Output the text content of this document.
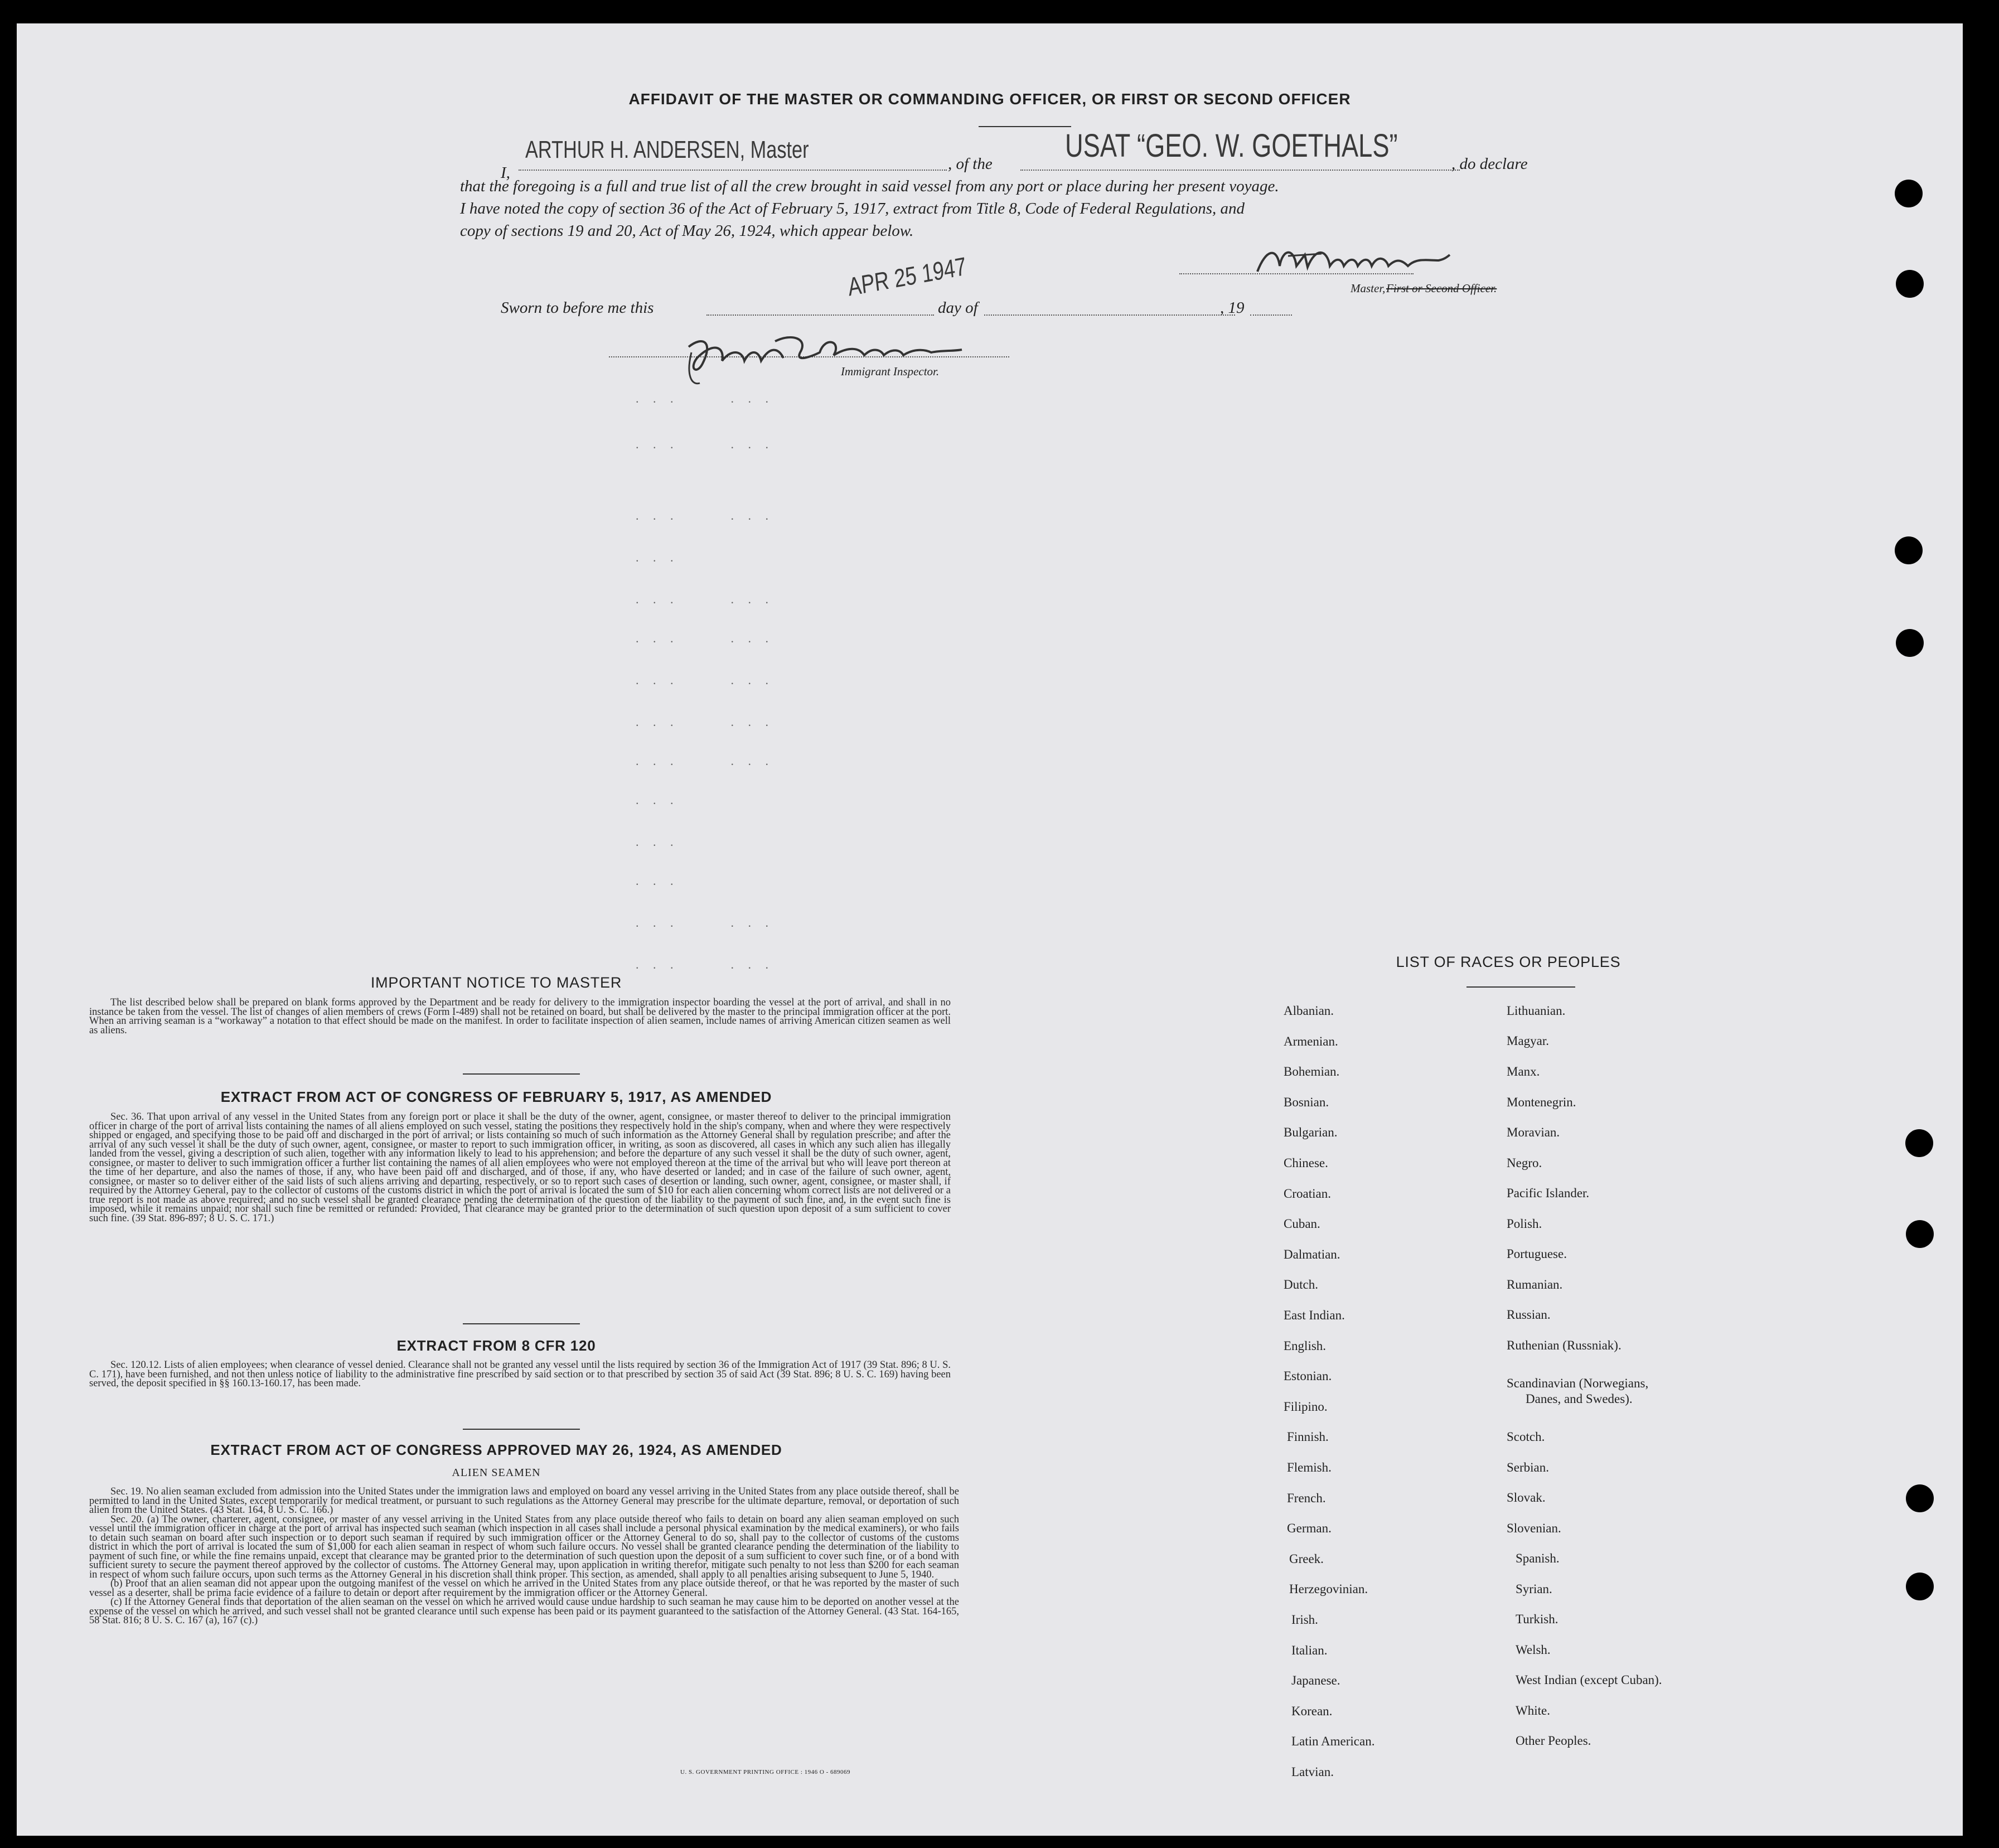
AFFIDAVIT OF THE MASTER OR COMMANDING OFFICER, OR FIRST OR SECOND OFFICER
I,
ARTHUR H. ANDERSEN, Master
, of the USAT “GEO. W. GOETHALS”	, do declare
that the foregoing is a full and true list of all the crew brought in said vessel from any port or place during her present voyage.
I have noted the copy of section 36 of the Act of February 5, 1917, extract from Title 8, Code of Federal Regulations, and
copy of sections 19 and 20, Act of May 26, 1924, which appear below.
Master, First or Second Officer.
Sworn to before me this
APR 25 1947
day of	, 19
Immigrant Inspector.
. . .      . . .
. . .      . . .
. . .      . . .
. . .
. . .      . . .
. . .      . . .
. . .      . . .
. . .      . . .
. . .      . . .
. . .
. . .
. . .
. . .      . . .
. . .      . . .
IMPORTANT NOTICE TO MASTER

The list described below shall be prepared on blank forms approved by the Department and be ready for delivery to the immigration inspector boarding the vessel at the port of arrival, and shall in no instance be taken from the vessel. The list of changes of alien members of crews (Form I-489) shall not be retained on board, but shall be delivered by the master to the principal immigration officer at the port. When an arriving seaman is a “workaway” a notation to that effect should be made on the manifest. In order to facilitate inspection of alien seamen, include names of arriving American citizen seamen as well as aliens.

EXTRACT FROM ACT OF CONGRESS OF FEBRUARY 5, 1917, AS AMENDED

Sec. 36. That upon arrival of any vessel in the United States from any foreign port or place it shall be the duty of the owner, agent, consignee, or master thereof to deliver to the principal immigration officer in charge of the port of arrival lists containing the names of all aliens employed on such vessel, stating the positions they respectively hold in the ship's company, when and where they were respectively shipped or engaged, and specifying those to be paid off and discharged in the port of arrival; or lists containing so much of such information as the Attorney General shall by regulation prescribe; and after the arrival of any such vessel it shall be the duty of such owner, agent, consignee, or master to report to such immigration officer, in writing, as soon as discovered, all cases in which any such alien has illegally landed from the vessel, giving a description of such alien, together with any information likely to lead to his apprehension; and before the departure of any such vessel it shall be the duty of such owner, agent, consignee, or master to deliver to such immigration officer a further list containing the names of all alien employees who were not employed thereon at the time of the arrival but who will leave port thereon at the time of her departure, and also the names of those, if any, who have been paid off and discharged, and of those, if any, who have deserted or landed; and in case of the failure of such owner, agent, consignee, or master so to deliver either of the said lists of such aliens arriving and departing, respectively, or so to report such cases of desertion or landing, such owner, agent, consignee, or master shall, if required by the Attorney General, pay to the collector of customs of the customs district in which the port of arrival is located the sum of $10 for each alien concerning whom correct lists are not delivered or a true report is not made as above required; and no such vessel shall be granted clearance pending the determination of the question of the liability to the payment of such fine, and, in the event such fine is imposed, while it remains unpaid; nor shall such fine be remitted or refunded: Provided, That clearance may be granted prior to the determination of such question upon deposit of a sum sufficient to cover such fine. (39 Stat. 896-897; 8 U. S. C. 171.)

EXTRACT FROM 8 CFR 120

Sec. 120.12. Lists of alien employees; when clearance of vessel denied. Clearance shall not be granted any vessel until the lists required by section 36 of the Immigration Act of 1917 (39 Stat. 896; 8 U. S. C. 171), have been furnished, and not then unless notice of liability to the administrative fine prescribed by said section or to that prescribed by section 35 of said Act (39 Stat. 896; 8 U. S. C. 169) having been served, the deposit specified in §§ 160.13-160.17, has been made.

EXTRACT FROM ACT OF CONGRESS APPROVED MAY 26, 1924, AS AMENDED
ALIEN SEAMEN

Sec. 19. No alien seaman excluded from admission into the United States under the immigration laws and employed on board any vessel arriving in the United States from any place outside thereof, shall be permitted to land in the United States, except temporarily for medical treatment, or pursuant to such regulations as the Attorney General may prescribe for the ultimate departure, removal, or deportation of such alien from the United States. (43 Stat. 164, 8 U. S. C. 166.)

Sec. 20. (a) The owner, charterer, agent, consignee, or master of any vessel arriving in the United States from any place outside thereof who fails to detain on board any alien seaman employed on such vessel until the immigration officer in charge at the port of arrival has inspected such seaman (which inspection in all cases shall include a personal physical examination by the medical examiners), or who fails to detain such seaman on board after such inspection or to deport such seaman if required by such immigration officer or the Attorney General to do so, shall pay to the collector of customs of the customs district in which the port of arrival is located the sum of $1,000 for each alien seaman in respect of whom such failure occurs. No vessel shall be granted clearance pending the determination of the liability to payment of such fine, or while the fine remains unpaid, except that clearance may be granted prior to the determination of such question upon the deposit of a sum sufficient to cover such fine, or of a bond with sufficient surety to secure the payment thereof approved by the collector of customs. The Attorney General may, upon application in writing therefor, mitigate such penalty to not less than $200 for each seaman in respect of whom such failure occurs, upon such terms as the Attorney General in his discretion shall think proper. This section, as amended, shall apply to all penalties arising subsequent to June 5, 1940.

(b) Proof that an alien seaman did not appear upon the outgoing manifest of the vessel on which he arrived in the United States from any place outside thereof, or that he was reported by the master of such vessel as a deserter, shall be prima facie evidence of a failure to detain or deport after requirement by the immigration officer or the Attorney General.

(c) If the Attorney General finds that deportation of the alien seaman on the vessel on which he arrived would cause undue hardship to such seaman he may cause him to be deported on another vessel at the expense of the vessel on which he arrived, and such vessel shall not be granted clearance until such expense has been paid or its payment guaranteed to the satisfaction of the Attorney General. (43 Stat. 164-165, 58 Stat. 816; 8 U. S. C. 167 (a), 167 (c).)

U. S. GOVERNMENT PRINTING OFFICE : 1946 O - 689069
LIST OF RACES OR PEOPLES
Albanian.
Armenian.
Bohemian.
Bosnian.
Bulgarian.
Chinese.
Croatian.
Cuban.
Dalmatian.
Dutch.
East Indian.
English.
Estonian.
Filipino.
Finnish.
Flemish.
French.
German.
Greek.
Herzegovinian.
Irish.
Italian.
Japanese.
Korean.
Latin American.
Latvian.
Lithuanian.
Magyar.
Manx.
Montenegrin.
Moravian.
Negro.
Pacific Islander.
Polish.
Portuguese.
Rumanian.
Russian.
Ruthenian (Russniak).
Scandinavian (Norwegians,
Danes, and Swedes).
Scotch.
Serbian.
Slovak.
Slovenian.
Spanish.
Syrian.
Turkish.
Welsh.
West Indian (except Cuban).
White.
Other Peoples.
